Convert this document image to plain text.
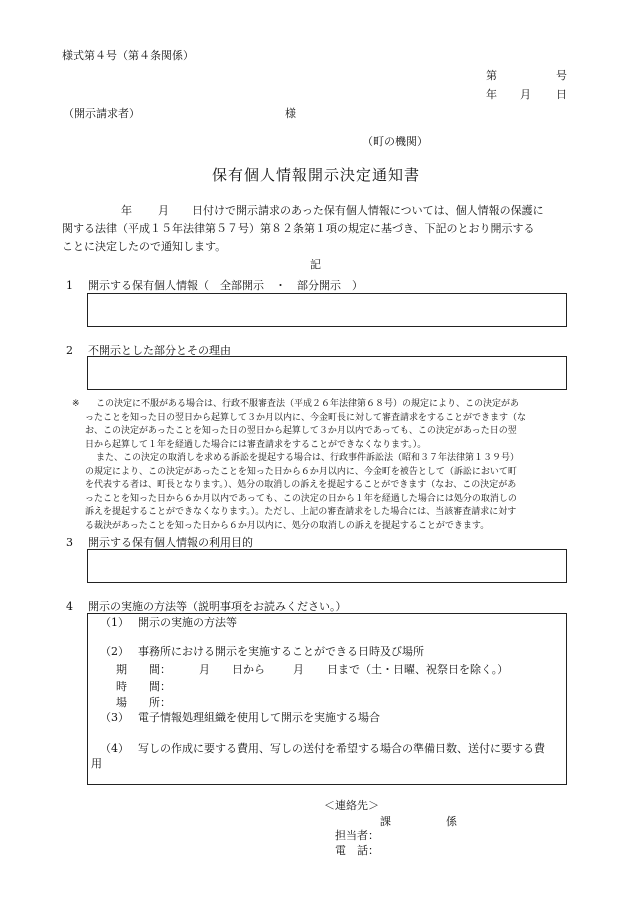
様式第４号（第４条関係）
第	号
年 月 日
（開示請求者）	様
（町の機関）
保有個人情報開示決定通知書
年 月 日付けで開示請求のあった保有個人情報については、個人情報の保護に
関する法律（平成１５年法律第５７号）第８２条第１項の規定に基づき、下記のとおり開示する
ことに決定したので通知します。
記
1 開示する保有個人情報（　全部開示　・　部分開示　）
2 不開示とした部分とその理由
※ この決定に不服がある場合は、行政不服審査法（平成２６年法律第６８号）の規定により、この決定があ
ったことを知った日の翌日から起算して３か月以内に、今金町長に対して審査請求をすることができます（な
お、この決定があったことを知った日の翌日から起算して３か月以内であっても、この決定があった日の翌
日から起算して１年を経過した場合には審査請求をすることができなくなります。）。
また、この決定の取消しを求める訴訟を提起する場合は、行政事件訴訟法（昭和３７年法律第１３９号）
の規定により、この決定があったことを知った日から６か月以内に、今金町を被告として（訴訟において町
を代表する者は、町長となります。）、処分の取消しの訴えを提起することができます（なお、この決定があ
ったことを知った日から６か月以内であっても、この決定の日から１年を経過した場合には処分の取消しの
訴えを提起することができなくなります。）。ただし、上記の審査請求をした場合には、当該審査請求に対す
る裁決があったことを知った日から６か月以内に、処分の取消しの訴えを提起することができます。
3 開示する保有個人情報の利用目的
4 開示の実施の方法等（説明事項をお読みください。）
（1） 開示の実施の方法等
（2） 事務所における開示を実施することができる日時及び場所
期　　間：	月 日から	月 日まで（土・日曜、祝祭日を除く。）
時　　間：
場　　所：
（3） 電子情報処理組織を使用して開示を実施する場合
（4） 写しの作成に要する費用、写しの送付を希望する場合の準備日数、送付に要する費
用
＜連絡先＞
課	係
担当者：
電　話：
